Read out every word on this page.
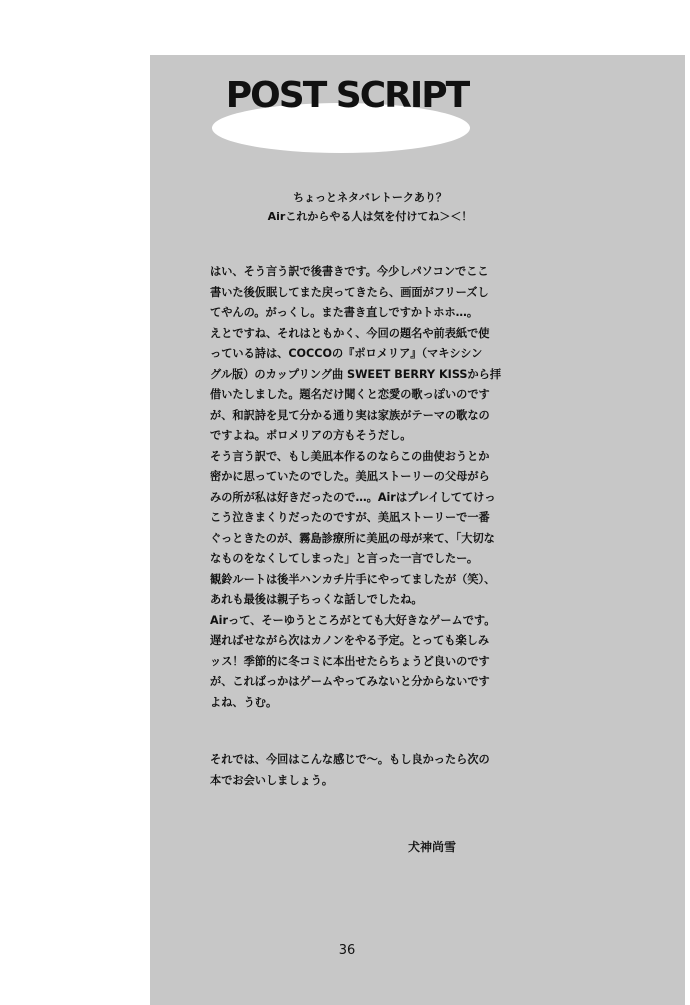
POST SCRIPT
ちょっとネタバレトークあり？
Airこれからやる人は気を付けてね＞＜！
はい、そう言う訳で後書きです。今少しパソコンでここ
書いた後仮眠してまた戻ってきたら、画面がフリーズし
てやんの。がっくし。また書き直しですかトホホ…。
えとですね、それはともかく、今回の題名や前表紙で使
っている詩は、COCCOの『ポロメリア』（マキシシン
グル版）のカップリング曲 SWEET BERRY KISSから拝
借いたしました。題名だけ聞くと恋愛の歌っぽいのです
が、和訳詩を見て分かる通り実は家族がテーマの歌なの
ですよね。ポロメリアの方もそうだし。
そう言う訳で、もし美凪本作るのならこの曲使おうとか
密かに思っていたのでした。美凪ストーリーの父母がら
みの所が私は好きだったので…。Airはプレイしててけっ
こう泣きまくりだったのですが、美凪ストーリーで一番
ぐっときたのが、霧島診療所に美凪の母が来て、「大切な
なものをなくしてしまった」と言った一言でしたー。
観鈴ルートは後半ハンカチ片手にやってましたが（笑）、
あれも最後は親子ちっくな話しでしたね。
Airって、そーゆうところがとても大好きなゲームです。
遅ればせながら次はカノンをやる予定。とっても楽しみ
ッス！季節的に冬コミに本出せたらちょうど良いのです
が、こればっかはゲームやってみないと分からないです
よね、うむ。
それでは、今回はこんな感じで〜。もし良かったら次の
本でお会いしましょう。
犬神尚雪
36
